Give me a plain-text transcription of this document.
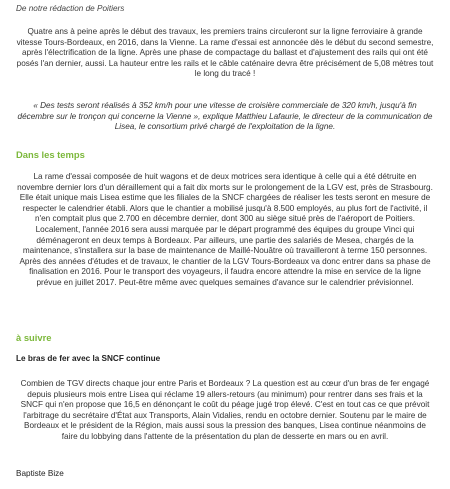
De notre rédaction de Poitiers

Quatre ans à peine après le début des travaux, les premiers trains circuleront sur la ligne ferroviaire à grande vitesse Tours-Bordeaux, en 2016, dans la Vienne. La rame d'essai est annoncée dès le début du second semestre, après l'électrification de la ligne. Après une phase de compactage du ballast et d'ajustement des rails qui ont été posés l'an dernier, aussi. La hauteur entre les rails et le câble caténaire devra être précisément de 5,08 mètres tout le long du tracé !

« Des tests seront réalisés à 352 km/h pour une vitesse de croisière commerciale de 320 km/h, jusqu'à fin décembre sur le tronçon qui concerne la Vienne », explique Matthieu Lafaurie, le directeur de la communication de Lisea, le consortium privé chargé de l'exploitation de la ligne.

Dans les temps

La rame d'essai composée de huit wagons et de deux motrices sera identique à celle qui a été détruite en novembre dernier lors d'un déraillement qui a fait dix morts sur le prolongement de la LGV est, près de Strasbourg. Elle était unique mais Lisea estime que les filiales de la SNCF chargées de réaliser les tests seront en mesure de respecter le calendrier établi. Alors que le chantier a mobilisé jusqu'à 8.500 employés, au plus fort de l'activité, il n'en comptait plus que 2.700 en décembre dernier, dont 300 au siège situé près de l'aéroport de Poitiers. Localement, l'année 2016 sera aussi marquée par le départ programmé des équipes du groupe Vinci qui déménageront en deux temps à Bordeaux. Par ailleurs, une partie des salariés de Mesea, chargés de la maintenance, s'installera sur la base de maintenance de Maillé-Nouâtre où travailleront à terme 150 personnes. Après des années d'études et de travaux, le chantier de la LGV Tours-Bordeaux va donc entrer dans sa phase de finalisation en 2016. Pour le transport des voyageurs, il faudra encore attendre la mise en service de la ligne prévue en juillet 2017. Peut-être même avec quelques semaines d'avance sur le calendrier prévisionnel.

à suivre
Le bras de fer avec la SNCF continue

Combien de TGV directs chaque jour entre Paris et Bordeaux ? La question est au cœur d'un bras de fer engagé depuis plusieurs mois entre Lisea qui réclame 19 allers-retours (au minimum) pour rentrer dans ses frais et la SNCF qui n'en propose que 16,5 en dénonçant le coût du péage jugé trop élevé. C'est en tout cas ce que prévoit l'arbitrage du secrétaire d'État aux Transports, Alain Vidalies, rendu en octobre dernier. Soutenu par le maire de Bordeaux et le président de la Région, mais aussi sous la pression des banques, Lisea continue néanmoins de faire du lobbying dans l'attente de la présentation du plan de desserte en mars ou en avril.

Baptiste Bize
